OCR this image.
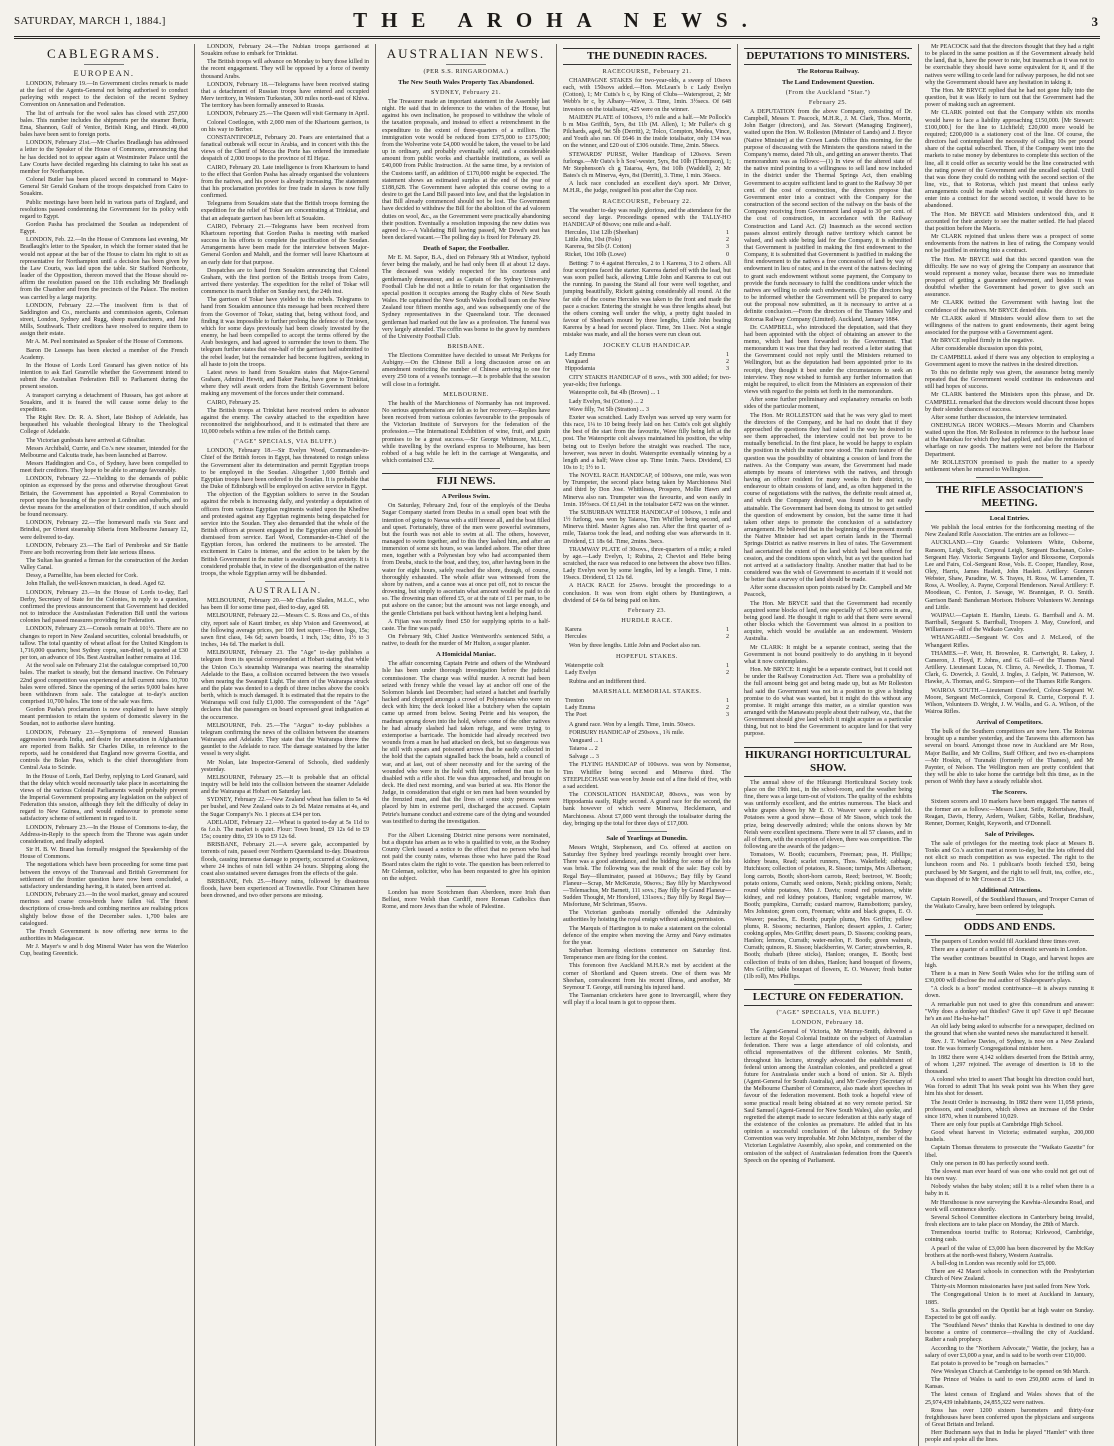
SATURDAY, MARCH 1, 1884.]	THE AROHA NEWS.	3
CABLEGRAMS.
EUROPEAN.

LONDON, February 19.—In Government circles remark is made at the fact of the Agents-General not being authorised to conduct parleying with respect to the decision of the recent Sydney Convention on Annexation and Federation.

The list of arrivals for the wool sales has closed with 257,000 bales. This number includes the shipments per the steamer Iberia, Ema, Shannon, Gulf of Venice, British King, and Hindi. 49,000 bales have been sent to foreign ports.

LONDON, February 21st.—Mr Charles Bradlaugh has addressed a letter to the Speaker of the House of Commons, announcing that he has decided not to appear again at Westminster Palace until the Law Courts have decided regarding his claiming to take his seat as member for Northampton.

Colonel Butler has been placed second in command to Major-General Sir Gerald Graham of the troops despatched from Cairo to Souakim.

Public meetings have been held in various parts of England, and resolutions passed condemning the Government for its policy with regard to Egypt.

Gordon Pasha has proclaimed the Soudan as independent of Egypt.

LONDON, Feb. 22.—In the House of Commons last evening, Mr Bradlaugh's letter to the Speaker, in which the former stated that he would not appear at the bar of the House to claim his right to sit as representative for Northampton until a decision has been given by the Law Courts, was laid upon the table. Sir Stafford Northcote, leader of the Opposition, thereon moved that the House should re-affirm the resolution passed on the 11th excluding Mr Bradlaugh from the Chamber and from the precincts of the Palace. The motion was carried by a large majority.

LONDON, February 22.—The insolvent firm is that of Saddington and Co., merchants and commission agents, Coleman street, London, Sydney and Rugg, sheep manufacturers, and Jute Mills, Southwark. Their creditors have resolved to require them to assign their estate.

Mr A. M. Peel nominated as Speaker of the House of Commons.

Baron De Lesseps has been elected a member of the French Academy.

In the House of Lords Lord Granard has given notice of his intention to ask Earl Granville whether the Government intend to submit the Australian Federation Bill to Parliament during the present session.

A transport carrying a detachment of Hussars, has got ashore at Souakim, and it is feared the will cause some delay to the expedition.

The Right Rev. Dr. R. A. Short, late Bishop of Adelaide, has bequeathed his valuable theological library to the Theological College of Adelaide.

The Victorian gunboats have arrived at Gibraltar.

Messrs Archibald, Currie, and Co.'s new steamer, intended for the Melbourne and Calcutta trade, has been launched at Barrow.

Messrs Haddington and Co., of Sydney, have been compelled to meet their creditors. They hope to be able to arrange favourably.

LONDON, February 22.—Yielding to the demands of public opinion as expressed by the press and otherwise throughout Great Britain, the Government has appointed a Royal Commission to report upon the housing of the poor in London and suburbs, and to devise means for the amelioration of their condition, if such should be found necessary.

LONDON, February 22.—The homeward mails via Suez and Brindisi, per Orient steamship Siberia from Melbourne January 12, were delivered to-day.

LONDON, February 23.—The Earl of Pembroke and Sir Battle Frere are both recovering from their late serious illness.

The Sultan has granted a firman for the construction of the Jordan Valley Canal.

Dessy, a Parnellite, has been elected for Cork.

John Hullah, the well-known musician, is dead. Aged 62.

LONDON, February 23.—In the House of Lords to-day, Earl Derby, Secretary of State for the Colonies, in reply to a question, confirmed the previous announcement that Government had decided not to introduce the Australasian Federation Bill until the various colonies had passed measures providing for Federation.

LONDON, February 23.—Consols remain at 101½. There are no changes to report in New Zealand securities, colonial breadstuffs, or tallow. The total quantity of wheat afloat for the United Kingdom is 1,716,000 quarters; best Sydney copra, sun-dried, is quoted at £30 per ton, an advance of 10s. Best Australian leather remains at 11d.

At the wool sale on February 21st the catalogue comprised 10,700 bales. The market is steady, but the demand inactive. On February 22nd good competition was experienced at full current rates. 10,700 bales were offered. Since the opening of the series 9,000 bales have been withdrawn from sale. The catalogue at to-day's auction comprised 10,700 bales. The tone of the sale was firm.

Gordon Pasha's proclamation is now explained to have simply meant permission to retain the system of domestic slavery in the Soudan, not to authorise slave hunting.

LONDON, February 23.—Symptoms of renewed Russian aggression towards India, and desire for annexation in Afghanistan are reported from Balkh. Sir Charles Dilke, in reference to the reports, said he considered that England now governs Goettia, and controls the Bolan Pass, which is the chief thoroughfare from Central Asia to Scinde.

In the House of Lords, Earl Derby, replying to Lord Granard, said that the delay which would necessarily take place in ascertaining the views of the various Colonial Parliaments would probably prevent the Imperial Government proposing any legislation on the subject of Federation this session, although they felt the difficulty of delay in regard to New Guinea, and would endeavour to promote some satisfactory scheme of settlement in regard to it.

LONDON, February 23.—In the House of Commons to-day, the Address-in-Reply to the speech from the Throne was again under consideration, and finally adopted.

Sir H. B. W. Brand has formally resigned the Speakership of the House of Commons.

The negotiations which have been proceeding for some time past between the envoys of the Transvaal and British Government for settlement of the frontier question have now been concluded, a satisfactory understanding having, it is stated, been arrived at.

LONDON, February 23.—In the wool market, greasy and scoured merinos and coarse cross-breds have fallen ¼d. The finest descriptions of cross-breds and combing merinos are realising prices slightly below those of the December sales. 1,700 bales are catalogued.

The French Government is now offering new terms to the authorities in Madagascar.

Mr J. Mayer's w and b dog Mineral Water has won the Waterloo Cup, beating Greentick.

LONDON, February 24.—The Nubian troops garrisoned at Souakim refuse to embark for Trinkitat.

The British troops will advance on Monday to bury those killed in the recent engagement. They will be opposed by a force of twenty thousand Arabs.

LONDON, February 18.—Telegrams have been received stating that a detachment of Russian troops have entered and occupied Merv territory, in Western Turkestan, 300 miles north-east of Khiva. The territory has been formally annexed to Russia.

LONDON, February 25.—The Queen will visit Germany in April.

Colonel Coetlogon, with 2,000 men of the Khartoum garrison, is on his way to Berber.

CONSTANTINOPLE, February 20. Fears are entertained that a fanatical outbreak will occur in Arabia, and in concert with this the views of the Cherif of Mecca the Porte has ordered the immediate despatch of 2,000 troops to the province of El Hejaz.

CAIRO, February 20. Late intelligence is from Khartoum to hand to the effect that Gordon Pasha has already organised the volunteers from the natives, and his power is already increasing. The statement that his proclamation provides for free trade in slaves is now fully confirmed.

Telegrams from Souakim state that the British troops forming the expedition for the relief of Tokar are concentrating at Trinkitat, and that an adequate garrison has been left at Souakim.

CAIRO, February 21.—Telegrams have been received from Khartoum reporting that Gordon Pasha is meeting with marked success in his efforts to complete the pacification of the Soudan. Arrangements have been made for the interview between Major-General Gordon and Mahdi, and the former will leave Khartoum at an early date for that purpose.

Despatches are to hand from Souakim announcing that Colonel Graham, with the first portion of the British troops from Cairo, arrived there yesterday. The expedition for the relief of Tokar will commence its march thither on Sunday next, the 24th inst.

The garrison of Tokar have yielded to the rebels. Telegrams to hand from Souakim announce this message had been received there from the Governor of Tokar, stating that, being without food, and finding it was impossible to further prolong the defence of the town, which for some days previously had been closely invested by the enemy, he had been compelled to accept the terms offered by the Arab besiegers, and had agreed to surrender the town to them. The telegram further states that one-half of the garrison had submitted to the rebel leader, but the remainder had become fugitives, seeking in all haste to join the troops.

Latest news to hand from Souakim states that Major-General Graham, Admiral Hewitt, and Baker Pasha, have gone to Trinkitat, where they will await orders from the British Government before making any movement of the forces under their command.

CAIRO, February 25.

The British troops at Trinkitat have received orders to advance against the enemy. The cavalry attached to the expedition have reconnoitred the neighbourhood, and it is estimated that there are 10,000 rebels within a few miles of the British camp.

("AGE" SPECIALS, VIA BLUFF.)

LONDON, February 18.—Sir Evelyn Wood, Commander-in-Chief of the British forces in Egypt, has threatened to resign unless the Government alter its determination and permit Egyptian troops to be employed in the Soudan. Altogether 1,600 British and Egyptian troops have been ordered to the Soudan. It is probable that the Duke of Edinburgh will be employed on active service in Egypt.

The objection of the Egyptian soldiers to serve in the Soudan against the rebels is increasing daily, and yesterday a deputation of officers from various Egyptian regiments waited upon the Khedive and protested against any Egyptian regiments being despatched for service into the Soudan. They also demanded that the whole of the British officers at present engaged in the Egyptian army should be dismissed from service. Earl Wood, Commander-in-Chief of the Egyptian forces, has ordered the mutineers to be arrested. The excitement in Cairo is intense, and the action to be taken by the British Government in the matter is awaited with great anxiety. It is considered probable that, in view of the disorganisation of the native troops, the whole Egyptian army will be disbanded.

AUSTRALIAN.

MELBOURNE, February 20.—Mr Charles Sladen, M.L.C., who has been ill for some time past, died to-day, aged 68.

MELBOURNE, February 22.—Messrs C. S. Ross and Co., of this city, report sale of Kauri timber, ex ship Vision and Greenwood, at the following average prices, per 100 feet super:—Hewn logs, 15s; sawn first class, 14s 6d; sawn boards, 1 inch, 13s; ditto, 1½ to 3 inches, 14s 6d. The market is dull.

MELBOURNE, February 23. The "Age" to-day publishes a telegram from its special correspondent at Hobart stating that while the Union Co.'s steamship Wairarapa was nearing the steamship Adelaide to the Bass, a collision occurred between the two vessels when nearing the Swanspit Light. The stern of the Wairarapa struck and the plate was dented to a depth of three inches above the cook's berth, which is much damaged. It is estimated that the repairs to the Wairarapa will cost fully £1,000. The correspondent of the "Age" declares that the passengers on board expressed great indignation at the occurrence.

MELBOURNE, Feb. 25.—The "Argus" to-day publishes a telegram confirming the news of the collision between the steamers Wairarapa and Adelaide. They state that the Wairarapa threw the gauntlet to the Adelaide to race. The damage sustained by the latter vessel is very slight.

Mr Nolan, late Inspector-General of Schools, died suddenly yesterday.

MELBOURNE, February 25.—It is probable that an official inquiry will be held into the collision between the steamer Adelaide and the Wairarapa at Hobart on Saturday last.

SYDNEY, February 22.—New Zealand wheat has fallen to 5s 4d per bushel, and New Zealand oats to 2s 9d. Maize remains at 4s, and the Sugar Company's No. 1 pieces at £34 per ton.

ADELAIDE, February 22.—Wheat is quoted to-day at 5s 11d to 6s f.o.b. The market is quiet. Flour: Town brand, £9 12s 6d to £9 15s; country ditto, £9 10s to £9 12s 6d.

BRISBANE, February 21.—A severe gale, accompanied by torrents of rain, passed over Northern Queensland to-day. Disastrous floods, causing immense damage to property, occurred at Cooktown, where 24 inches of rain fell within 24 hours. Shipping along the coast also sustained severe damages from the effects of the gale.

BRISBANE, Feb. 25.—Heavy rains, followed by disastrous floods, have been experienced at Townsville. Four Chinamen have been drowned, and two other persons are missing.

AUSTRALIAN NEWS.
(PER S.S. RINGAROOMA.)
The New South Wales Property Tax Abandoned.
SYDNEY, February 21.

The Treasurer made an important statement in the Assembly last night. He said that in deference to the wishes of the House, but against his own inclination, he proposed to withdraw the whole of the taxation proposals, and instead to effect a retrenchment in the expenditure to the extent of three-quarters of a million. The immigration vote would be reduced from £375,000 to £175,000; from the Wolverine vote £4,000 would be taken, the vessel to be laid up in ordinary, and probably eventually sold, and a considerable amount from public works and charitable institutions, as well as £40,000 from Public Instruction. At the same time, by a revision of the Customs tariff, an addition of £170,000 might be expected. The statement shows an estimated surplus at the end of the year of £188,628. The Government have adopted this course owing to a desire to get the Land Bill passed into law, and that the legislation in that Bill already commenced should not be lost. The Government have decided to withdraw the Bill for the abolition of the ad valorem duties on wool, &c., as the Government were practically abandoning their position. Eventually a resolution imposing the new duties was agreed to.—A Validating Bill having passed, Mr Dowd's seat has been declared vacant.—The polling day is fixed for February 29.

Death of Sapor, the Footballer.

Mr E. M. Sapor, B.A., died on February 9th at Windsor, typhoid fever being the malady, and he had only been ill at about 12 days. The deceased was widely respected for his courteous and gentlemanly demeanour, and as Captain of the Sydney University Football Club he did not a little to retain for that organisation the special position it occupies among the Rugby clubs of New South Wales. He captained the New South Wales football team on the New Zealand tour fifteen months ago, and was subsequently one of the Sydney representatives in the Queensland tour. The deceased gentleman had marked out the law as a profession. The funeral was very largely attended. The coffin was borne to the grave by members of the University Football Club.

BRISBANE.

The Elections Committee have decided to unseat Mr Perkyns for Aubigny.—On the Chinese Bill a long discussion arose on an amendment restricting the number of Chinese arriving to one for every 250 tons of a vessel's tonnage.—It is probable that the session will close in a fortnight.

MELBOURNE.

The health of the Marchioness of Normanby has not improved. No serious apprehensions are felt as to her recovery.—Replies have been received from various colonies favourable to the proposals of the Victorian Institute of Surveyors for the federation of the profession.—The International Exhibition of wine, fruit, and grain promises to be a great success.—Sir George Whitmore, M.L.C., while travelling by the overland express to Melbourne, has been robbed of a bag while he left in the carriage at Wangaratta, and which contained £32.

FIJI NEWS.
A Perilous Swim.

On Saturday, February 2nd, four of the employés of the Deuba Sugar Company started from Deuba in a small open boat with the intention of going to Navua with a stiff breeze all, and the boat filled and upset. Fortunately, three of the men were powerful swimmers, but the fourth was not able to swim at all. The others, however, managed to swim together, and to this they lashed him, and after an immersion of some six hours, so was landed ashore. The other three men, together with a Polynesian boy who had accompanied them from Deuba, stuck to the boat, and they, too, after having been in the water for eight hours, safely reached the shore, though, of course, thoroughly exhausted. The whole affair was witnessed from the shore by natives, and a canoe was at once put off, not to rescue the drowning, but simply to ascertain what amount would be paid to do so. The drowning man offered £5, or at the rate of £1 per man, to be put ashore on the canoe; but the amount was not large enough, and the gentle Christians put back without having lent a helping hand.

A Fijian was recently fined £50 for supplying spirits to a half-caste. The fine was paid.

On February 9th, Chief Justice Wentworth's sentenced Sithi, a native, to death for the murder of Mr Hulton, a sugar planter.

A Homicidal Maniac.

The affair concerning Captain Petrie and others of the Windward Isle has been under thorough investigation before the judicial commissioner. The charge was wilful murder. A recruit had been seized with frenzy while the vessel lay at anchor off one of the Solomon Islands last December; had seized a hatchet and fearfully hacked and chopped amongst a crowd of Polynesians who were on deck with him; the deck looked like a butchery when the captain came up armed from below. Seeing Petrie and his weapon, the madman sprang down into the hold, where some of the other natives he had already slashed had taken refuge, and were trying to extemporise a barricade. The homicide had already received two wounds from a man he had attacked on deck, but so dangerous was he still with spears and poisoned arrows that he easily collected in the hold that the captain signalled back the boats, held a council of war, and at last, out of sheer necessity and for the saving of the wounded who were in the hold with him, ordered the man to be disabled with a rifle shot. He was thus approached, and brought on deck. He died next morning, and was buried at sea. His Honor the Judge, in consideration that eight or ten men had been wounded by the frenzied man, and that the lives of some sixty persons were placed by him in extreme peril, discharged the accused. Captain Petrie's humane conduct and extreme care of the dying and wounded was testified to during the investigation.

For the Albert Licensing District nine persons were nominated, but a dispute has arisen as to who is qualified to vote, as the Rodney County Clerk issued a notice to the effect that no person who had not paid the county rates, whereas those who have paid the Road Board rates claim the right to vote. The question has been referred to Mr Coleman, solicitor, who has been requested to give his opinion on the subject.

London has more Scotchmen than Aberdeen, more Irish than Belfast, more Welsh than Cardiff, more Roman Catholics than Rome, and more Jews than the whole of Palestine.

THE DUNEDIN RACES.
RACECOURSE, February 21.

CHAMPAGNE STAKES for two-year-olds, a sweep of 10sovs each, with 150sovs added.—Hon. McLean's b c Lady Evelyn (Cotton), 1; Mr Cutts's b c, by King of Clubs—Watersprout, 2; Mr Webb's br c, by Albany—Wave, 3. Time, 1min. 3½secs. Of 648 investors on the totalisator, 425 were on the winner.

MAIDEN PLATE of 100sovs, 1½ mile and a half.—Mr Pollock's b m Miss Griffith, 5yrs, 8st 11b (M. Allen), 1; Mr Fuller's ch g Pilchards, aged, 9st 5lb (Derritt), 2; Tolco, Compton, Medea, Vince, and Youth also ran. Of £646 in the inside totalisator, only 134 was on the winner, and £20 out of £306 outside. Time, 2min. 58secs.

STEWARDS' PURSE, Welter Handicap of 120sovs. Seven furlongs.—Mr Oats's b h Sou'-wester, 5yrs, 8st 10lb (Thompson), 1; Mr Stephenson's ch g Taiaroa, 4yrs, 8st 10lb (Waddell), 2; Mr Bates's ch m Minerva, 4yrs, 8st (Derritt), 3. Time, 1 min. 36secs.

A luck race concluded an excellent day's sport. Mr Driver, M.H.R., the judge, resigned his post after the Cup race.

RACECOURSE, February 22.

The weather to-day was really glorious, and the attendance for the second day large. Proceedings opened with the TALLY-HO HANDICAP of 80sovs; one mile and a-half.

Hercules, 11st 12lb (Sheehan)	1
Little John, 10st (Folo)	2
Karerea, 9st 5lb (J. Cotton)	3
Ricket, 10st 10lb (Lowe)	0

Betting: 7 to 4 against Hercules, 2 to 1 Karerea, 3 to 2 others. All four scorpions faced the starter. Karerea darted off with the lead, but was soon pulled back, allowing Little John and Karerea to cut out the running. In passing the Stand all four were well together, and jumping beautifully, Rickett gaining considerably all round. At the far side of the course Hercules was taken to the front and made the pace a cracker. Entering the straight he was three lengths ahead, but the others coming well under the whip, a pretty tight tussled in favour of Sheehan's mount by three lengths, Little John beating Karerea by a head for second place. Time, 3m 11sec. Not a single mistake was made, and all the horses were run clean out.

JOCKEY CLUB HANDICAP.
Lady Emma	1
Vanguard	2
Hippodamia	3

CITY STAKES HANDICAP of 8 sovs., with 300 added; for two-year-olds; five furlongs.

Watersprite colt, 8st 4lb (Brown) ... 1

Lady Evelyn, 9st (Cotton) ... 2

Wave filly, 7st 5lb (Stratton) ... 3

Exeter was scratched. Lady Evelyn was served up very warm for this race, 1¼ to 10 being freely laid on her. Cutts's colt got slightly the best of the start from the favourite, Wave filly being left at the post. The Watersprite colt always maintained his position, the whip being out to Evelyn before the straight was reached. The race, however, was never in doubt. Watersprite eventually winning by a length and a half; Wave close up. Time 1min. 7secs. Dividend, £3 10s to 1; 1½ to 1.

The NOVEL RACE HANDICAP, of 100sovs, one mile, was won by Trumpeter, the second place being taken by Marchioness Niel and third by Don Jose. Whittlesea, Prospero, Mollie Hawn and Minerva also ran. Trumpeter was the favourite, and won easily in 1min. 19½secs. Of £1,641 in the totalisator £472 was on the winner.

The SUBURBAN WELTER HANDICAP of 100sovs, 1 mile and 1½ furlong, was won by Taiaroa, Tim Whiffler being second, and Minerva third. Master Agnes also ran. After the first quarter of a-mile, Taiaroa took the lead, and nothing else was afterwards in it. Dividend, £1 18s 6d. Time, 2mins. 3secs.

TRAMWAY PLATE of 30sovs., three-quarters of a mile; a ruled by age.—Lady Evelyn, 1; Rubina, 2; Cheviot and Hebe being scratched, the race was reduced to one between the above two fillies. Lady Evelyn won by some lengths, led by a length. Time, 1 min. 19secs. Dividend, £1 12s 6d.

A HACK RACE for 25sovs. brought the proceedings to a conclusion. It was won from eight others by Huntingtown, a dividend of £4 6s 6d being paid on him.

February 23.
HURDLE RACE.
Karera	1
Hercules	2

Won by three lengths. Little John and Pocket also ran.

HOPEFUL STAKES.
Watersprite colt	1
Lady Evelyn	2

Rubina and an indifferent third.

MARSHALL MEMORIAL STAKES.
Trenton	1
Lady Emma	2
The Poet	3

A grand race. Won by a length. Time, 1min. 50secs.

FORBURY HANDICAP of 250sovs., 1¾ mile.

Vanguard ... 1

Taiaroa ... 2

Salvage ... 3

The FLYING HANDICAP of 100sovs. was won by Nonsense, Tim Whiffler being second and Minerva third. The STEEPLECHASE was won by Jessie out of a fine field of five, with a sad accident.

The CONSOLATION HANDICAP, 80sovs., was won by Hippodamia easily, Rigby second. A grand race for the second, the bank however of which were Minerva, Hecklemann, and Marchioness. About £7,000 went through the totalisator during the day, bringing up the total for three days of £17,000.

Sale of Yearlings at Dunedin.

Messrs Wright, Stephenson, and Co. offered at auction on Saturday five Sydney bred yearlings recently brought over here. There was a good attendance, and the bidding for some of the lots was brisk. The following was the result of the sale: Bay colt by Regal Bay—Illuminator, passed at 160sovs.; Bay filly by Grand Flaneur—Scrap, Mr McKenzie, 90sovs.; Bay filly by Marchywood—Telemachus, Mr Barnett, 111 sovs.; Bay filly by Grand Flaneur—Sudden Thought, Mr Horsford, 131sovs.; Bay filly by Regal Bay—Misfortune, Mr Schriman, 95sovs.

The Victorian gunboats mortally offended the Admiralty authorities by hoisting the royal ensign without asking permission.

The Marquis of Hartington is to make a statement on the colonial defence of the empire when moving the Army and Navy estimates for the year.

Suburban licensing elections commence on Saturday first. Temperance men are fixing for the contest.

This forenoon five Auckland M.H.R.'s met by accident at the corner of Shortland and Queen streets. One of them was Mr Sheehan, convalescent from his recent illness, and another, Mr Seymour T. George, still nursing his injured hand.

The Tasmanian cricketers have gone to Invercargill, where they will play if a local team is got to oppose them.

DEPUTATIONS TO MINISTERS.
The Rotorua Railway.
The Land Endowment Question.
(From the Auckland "Star.")
February 25.

A DEPUTATION from the above Company, consisting of Dr. Campbell, Messrs T. Peacock, M.H.R., J. M. Clark, Thos. Morrin, John Batger (directors), and Jas. Stewart (Managing Engineer), waited upon the Hon. W. Rolleston (Minister of Lands) and J. Bryce (Native Minister) at the Crown Lands Office this morning, for the purpose of discussing with the Ministers the questions raised in the Company's memo, dated 7th ult., and getting an answer thereto. That memorandum was as follows:—(1) In view of the altered state of the native mind pointing to a willingness to sell land now included in the district under the Thermal Springs Act, then enabling Government to acquire sufficient land to grant to the Railway 30 per cent. of the cost of construction, the directors propose that Government enter into a contract with the Company for the construction of the second section of the railway on the basis of the Company receiving from Government land equal to 30 per cent. of the cost of construction, in accordance with the Railway Construction and Land Act. (2) Inasmuch as the second section passes almost entirely through native territory which cannot be valued, and each side being laid for the Company, it is submitted that Government is justified in making the first endowment to the Company, it is submitted that Government is justified in making the first endowment to the natives a free concession of land by way of endowment in lieu of rates; and in the event of the natives declining to grant such endowment without some payment, the Company to provide the funds necessary to fulfil the conditions under which the natives are willing to cede such endowments. (3) The directors beg to be informed whether the Government will be prepared to carry out the proposal now submitted, as it is necessary to arrive at a definite conclusion.—From the directors of the Thames Valley and Rotorua Railway Company (Limited). Auckland, January 1884.

Dr. CAMPBELL, who introduced the deputation, said that they had been appointed with the object of obtaining an answer to the memo, which had been forwarded to the Government. That memorandum it was true that they had received a letter stating that the Government could not reply until the Ministers returned to Wellington, but as the deputation had been appointed prior to its receipt, they thought it best under the circumstances to seek an interview. They now wished to furnish any further information that might be required, to elicit from the Ministers an expression of their views with regard to the points set forth in the memorandum.

After some further preliminary and explanatory remarks on both sides of the particular moment,

The Hon. Mr ROLLESTON said that he was very glad to meet the directors of the Company, and he had no doubt that if they approached the questions they had raised in the way he desired to see them approached, the interview could not but prove to be mutually beneficial. In the first place, he would be happy to explain the position in which the matter now stood. The main feature of the question was the possibility of obtaining a cession of land from the natives. As the Company was aware, the Government had made attempts by means of interviews with the natives, and through having an officer resident for many weeks in their district, to endeavour to obtain cessions of land, and, as often happened in the course of negotiations with the natives, the definite result aimed at, and which the Company desired, was found to be not easily attainable. The Government had been doing its utmost to get settled the question of endowment by cession, but the same time it had taken other steps to promote the conclusion of a satisfactory arrangement. He believed that in the beginning of the present month the Native Minister had set apart certain lands in the Thermal Springs District as native reserves in lieu of rates. The Government had ascertained the extent of the land which had been offered for cession, and the conditions upon which, but as yet the question had not arrived at a satisfactory finality. Another matter that had to be considered was the wish of Government to ascertain if it would not be better that a survey of the land should be made.

After some discussion upon points raised by Dr. Campbell and Mr Peacock,

The Hon. Mr BRYCE said that the Government had recently acquired some blocks of land, one especially of 5,300 acres in area, being good land. He thought it right to add that there were several other blocks which the Government was almost in a position to acquire, which would be available as an endowment. Western Australia.

Mr CLARK: It might be a separate contract, seeing that the Government is not bound positively to do anything in it beyond what it now contemplates.

Hon. Mr BRYCE: It might be a separate contract, but it could not be under the Railway Construction Act. There was a probability of the full amount being got and being made up, but as Mr Rolleston had said the Government was not in a position to give a binding promise to do what was wanted, but it might do this without any promise. It might arrange this matter, as a similar question was arranged with the Manawatu people about their railway, viz., that the Government should give land which it might acquire as a particular thing, but not to bind the Government to acquire land for that very purpose.

HIKURANGI HORTICULTURAL SHOW.

The annual show of the Hikurangi Horticultural Society took place on the 19th inst., in the school-room, and the weather being fine, there was a large turn-out of visitors. The quality of the exhibits was uniformly excellent, and the entries numerous. The black and white grapes shown by Mr E. O. Weaver were a splendid lot. Potatoes were a good show—those of Mr Sisson, which took the prize, being deservedly admired; while the onions shown by Mr Neish were excellent specimens. There were in all 57 classes, and in all of them, with the exception of eleven, there was competition. The following are the awards of the judges:—

Tomatoes, W. Booth; cucumbers, Freeman; peas, H. Phillips; kidney beans, Read; scarlet runners, Thos. Wakefield; cabbage, Hutchison; collection of potatoes, R. Sisson; turnips, Mrs Albertson; long carrots, Booth; short-horn carrots, Reed; beetroot, W. Booth; potato onions, Currath; seed onions, Neish; pickling onions, Neish; round white potatoes, Mrs J. Davis; round red potatoes, white kidney, and red kidney potatoes, Hanlon; vegetable marrow, W. Booth; pumpkins, Currath; custard marrow, Ramsbottom; parsley, Mrs Johnston; green corn, Freeman; white and black grapes, E. O. Weaver; peaches, E. Booth; purple plums, Mrs Griffin; yellow plums, R. Sissons; nectarines, Hanlon; dessert apples, J. Carter; cooking apples, Mrs Griffin; desert pears, D. Sissons; cooking pears, Hanlon; lemons, Currath; water-melon, F. Booth; green walnuts, Currath; quinces, R. Sisson; blackberries, W. Carter; strawberries, R. Booth; rhubarb (three sticks), Hanlon; oranges, E. Booth; best collection of fruits of ten dishes, Hanlon; hand bouquet of flowers, Mrs Griffin; table bouquet of flowers, E. O. Weaver; fresh butter (1lb roll), Mrs Phillips.

LECTURE ON FEDERATION.
("AGE" SPECIALS, VIA BLUFF.)
LONDON, February 18.

The Agent-General of Victoria, Mr Murray-Smith, delivered a lecture at the Royal Colonial Institute on the subject of Australian federation. There was a large attendance of old colonists, and official representatives of the different colonies. Mr Smith, throughout his lecture, strongly advocated the establishment of federal union among the Australian colonies, and predicted a great future for Australasia under such a bond of union. Sir A. Blyth (Agent-General for South Australia), and Mr Cowdery (Secretary of the Melbourne Chamber of Commerce, also made short speeches in favour of the federation movement. Both took a hopeful view of some practical result being obtained at no very remote period. Sir Saul Samuel (Agent-General for New South Wales), also spoke, and regretted the attempt made to secure federation at this early stage of the existence of the colonies as premature. He added that in his opinion a successful conclusion of the labours of the Sydney Convention was very improbable. Mr John McIntyre, member of the Victorian Legislative Assembly, also spoke, and commented on the omission of the subject of Australasian federation from the Queen's Speech on the opening of Parliament.

Mr PEACOCK said that the directors thought that they had a right to be placed in the same position as if the Government already held the land, that is, have the power to rate, but inasmuch as it was not to be exercisable they should have some equivalent for it, and if the natives were willing to cede land for railway purposes, he did not see why the Government should have any hesitation in taking it.

The Hon. Mr BRYCE replied that he had not gone fully into the question, but it was likely to turn out that the Government had the power of making such an agreement.

Mr CLARK pointed out that the Company within six months would have to face a liability approaching £150,000. [Mr Stewart: £100,000.] for the line to Lichfield; £20,000 more would be required; £200,000 is a stationery cost of the line. Of course, the directors had contemplated the necessity of calling 10s per pound share of the capital subscribed. Then, if the Company went into the markets to raise money by debentures to complete this section of the line, all it could offer as security would be the line constructed with the rating power of the Government and the uncalled capital. Until that was done they could do nothing with the second section of the line, viz., that to Rotorua, which just meant that unless early arrangements could be made which would enable the directors to enter into a contract for the second section, it would have to be abandoned.

The Hon. Mr BRYCE said Ministers understood this, and it accounted for their anxiety to see the matter settled. He had placed that position before the Maoris.

Mr CLARK rejoined that unless there was a prospect of some endowments from the natives in lieu of rating, the Company would not be justified in entering into a contract.

The Hon. Mr BRYCE said that this second question was the difficulty. He saw no way of giving the Company an assurance that would represent a money value, because there was no immediate prospect of getting a guarantee endowment, and besides it was doubtful whether the Government had power to give such an assurance.

Mr CLARK twitted the Government with having lost the confidence of the natives. Mr BRYCE denied this.

Mr CLARK asked if Ministers would allow them to set the willingness of the natives to grant endowments, their agent being associated for the purpose with a Government agent.

Mr BRYCE replied firmly in the negative.

After considerable discussion upon this point,

Dr CAMPBELL asked if there was any objection to employing a Government agent to move the natives in the desired direction.

To this no definite reply was given, the assurance being merely repeated that the Government would continue its endeavours and still had hopes of success.

Mr CLARK bantered the Ministers upon this phrase, and Dr. CAMPBELL remarked that the directors would discount those hopes by their slender chances of success.

After some further discussion, the interview terminated.

ONEHUNGA IRON WORKS.—Messrs Morrin and Chambers waited upon the Hon. Mr Rolleston in reference to the harbour lease at the Manukau for which they had applied, and also the remission of wharfage on raw goods. The matters were not before the Harbour Department.

Mr ROLLESTON promised to push the matter to a speedy settlement when he returned to Wellington.

THE RIFLE ASSOCIATION'S MEETING.
Local Entries.

We publish the local entries for the forthcoming meeting of the New Zealand Rifle Association. The entries are as follows:—

AUCKLAND.—City Guards: Volunteers White, Osborne, Ransom, Leigh, Soult, Corporal Leigh, Sergeant Buchanan, Color-Sergeant Hay. Victoria: Sergeants Taylor and Bloxsome, Corporals Lee and Fairs, Col.-Sergeant Rose, Vols. E. Cooper, Handley, Rose, Oley, Harris, James Haslett, John Haslett. Artillery: Gunners Webster, Shaw, Paradine, W. S. Trayes, H. Ross, W. Lamenden, T. Ross, A. Woolley, A. Payne, Corporal Henderson. Naval Artillery: F. Moodiean, C. Fenton, J. Savage, W. Brannigan, P. O. Smith. Garrison Band: Bandsman Morison. Hobson: Volunteers W. Jennings and Little.

WAIPAU.—Captain E. Hamlin, Lieuts. G. Barriball and A. M. Barriball, Sergeant S. Barriball, Troopers J. May, Crawford, and Williamson—all of the Waikato Cavalry.

WHANGAREI.—Sergeant W. Cox and J. McLeod, of the Whangarei Rifles.

THAMES.—F. Weir, H. Brownlee, R. Cartwright, R. Lakey, J. Cameron, J. Floyd, F. Johns, and G. Gill—of the Thames Naval Artillery. Lieutenant Lucas, N. Climo, A. Newdick, J. Thomas, T. Clark, G. Dowrick, J. Gould, J. Ingles, J. Gelpin, W. Patterson, W. Hawke, A. Thomas, and G. Simpson—of the Thames Rifle Rangers.

WAIROA SOUTH.—Lieutenant Crawford, Colour-Sergeant W. Moore, Sergeant McCormick, Corporal R. Currie, Corporal F. J. Wilson, Volunteers D. Wright, J. W. Wallis, and G. A. Wilson, of the Wairoa Rifles.

Arrival of Competitors.

The bulk of the Southern competitors are now here. The Rotorua brought up a number yesterday, and the Tarawera this afternoon has several on board. Amongst those now in Auckland are Mr Ross, Major Baillie, and Mr Collins, Staff Officer, and two ex-champions—Mr Hoskin, of Turanaki (formerly of the Thames), and Mr Paynter, of Nelson. The Wellington men are pretty confident that they will be able to take home the cartridge belt this time, as in the person of Webb they have a steady reliable shot.

The Scorers.

Sixteen scorers and 10 markers have been engaged. The names of the former are as follows:—Messrs Lieut. Seife, Robertshaw, Heall, Reagan, Davis, Henry, Ardern, Walker, Gibbs, Kellar, Bradshaw, Renner, Dormer, Knight, Keyworth, and O'Donnell.

Sale of Privileges.

The sale of privileges for the meeting took place at Messrs B. Tonks and Co.'s auction mart at noon to-day, but the lots offered did not elicit so much competition as was expected. The right to the luncheon room and No. 1 publican's booth fetched £50, being purchased by Mr Sargent, and the right to sell fruit, tea, coffee, etc., was disposed of to Mr Crosson at £3 10s.

Additional Attractions.

Captain Roswell, of the Southland Hussars, and Trooper Curran of the Waikato Cavalry, have been ordered by telegraph.

ODDS AND ENDS.

The paupers of London would fill Auckland three times over.

There are a quarter of a million of domestic servants in London.

The weather continues beautiful in Otago, and harvest hopes are high.

There is a man in New South Wales who for the trifling sum of £30,000 will disclose the real author of Shakespeare's plays.

"A clock is a bore" modest contrivance—it is always running it down.

A remarkable pun not used to give this conundrum and answer: "Why does a donkey eat thistles? Give it up? Give it up? Because he's an ass! Ha-ha-ha-ha!"

An old lady being asked to subscribe for a newspaper, declined on the ground that when she wanted news she manufactured it herself.

Rev. J. T. Warlow Davies, of Sydney, is now on a New Zealand tour. He was formerly Congregational minister here.

In 1882 there were 4,142 soldiers deserted from the British army, of whom 1,297 rejoined. The average of desertion is 18 to the thousand.

A colonel who tried to assert That bought his direction could hurt, Was forced to admit That his weak point was his When they gave him his shot for dessert.

The Jesuit Order is increasing. In 1882 there were 11,058 priests, professors, and coadjutors, which shows an increase of the Order since 1870, when it numbered 10,029.

There are only four pupils at Cambridge High School.

Good wheat harvest in Victoria; estimated surplus, 200,000 bushels.

Captain Thomas threatens to prosecute the "Waikato Gazette" for libel.

Only one person in 80 has perfectly sound teeth.

The slowest man ever heard of was one who could not get out of his own way.

Nobody wishes the baby stolen; still it is a relief when there is a baby in it.

Mr Hursthouse is now surveying the Kawhia-Alexandra Road, and work will commence shortly.

Several School Committee elections in Canterbury being invalid, fresh elections are to take place on Monday, the 28th of March.

Tremendous tourist traffic to Rotorua; Kirkwood, Cambridge, coining cash.

A pearl of the value of £3,000 has been discovered by the McKay brothers at the north-west fishery, Western Australia.

A bull-dog in London was recently sold for £5,000.

There are 42 Maori schools in connection with the Presbyterian Church of New Zealand.

Thirty-six Mormon missionaries have just sailed from New York.

The Congregational Union is to meet at Auckland in January, 1885.

S.s. Stella grounded on the Opotiki bar at high water on Sunday. Expected to be got off easily.

The "Southland News" thinks that Kawhia is destined to one day become a centre of commerce—rivalling the city of Auckland. Rather a rash prophecy.

According to the "Northern Advocate," Wattie, the jockey, has a salary of over £3,000 a year, and is said to be worth over £10,000.

Eat potato is proved to be "rough on barnacles."

New Wesleyan Church at Cambridge to be opened on 9th March.

The Prince of Wales is said to own 250,000 acres of land in Kansas.

The latest census of England and Wales shows that of the 25,974,439 inhabitants, 24,855,322 were natives.

Ross has over 1200 sixteen barometers and thirty-four freighthouses have been conferred upon the physicians and surgeons of Great Britain and Ireland.

Herr Buchmann says that in India he played "Hamlet" with three people and spoke all the lines.
